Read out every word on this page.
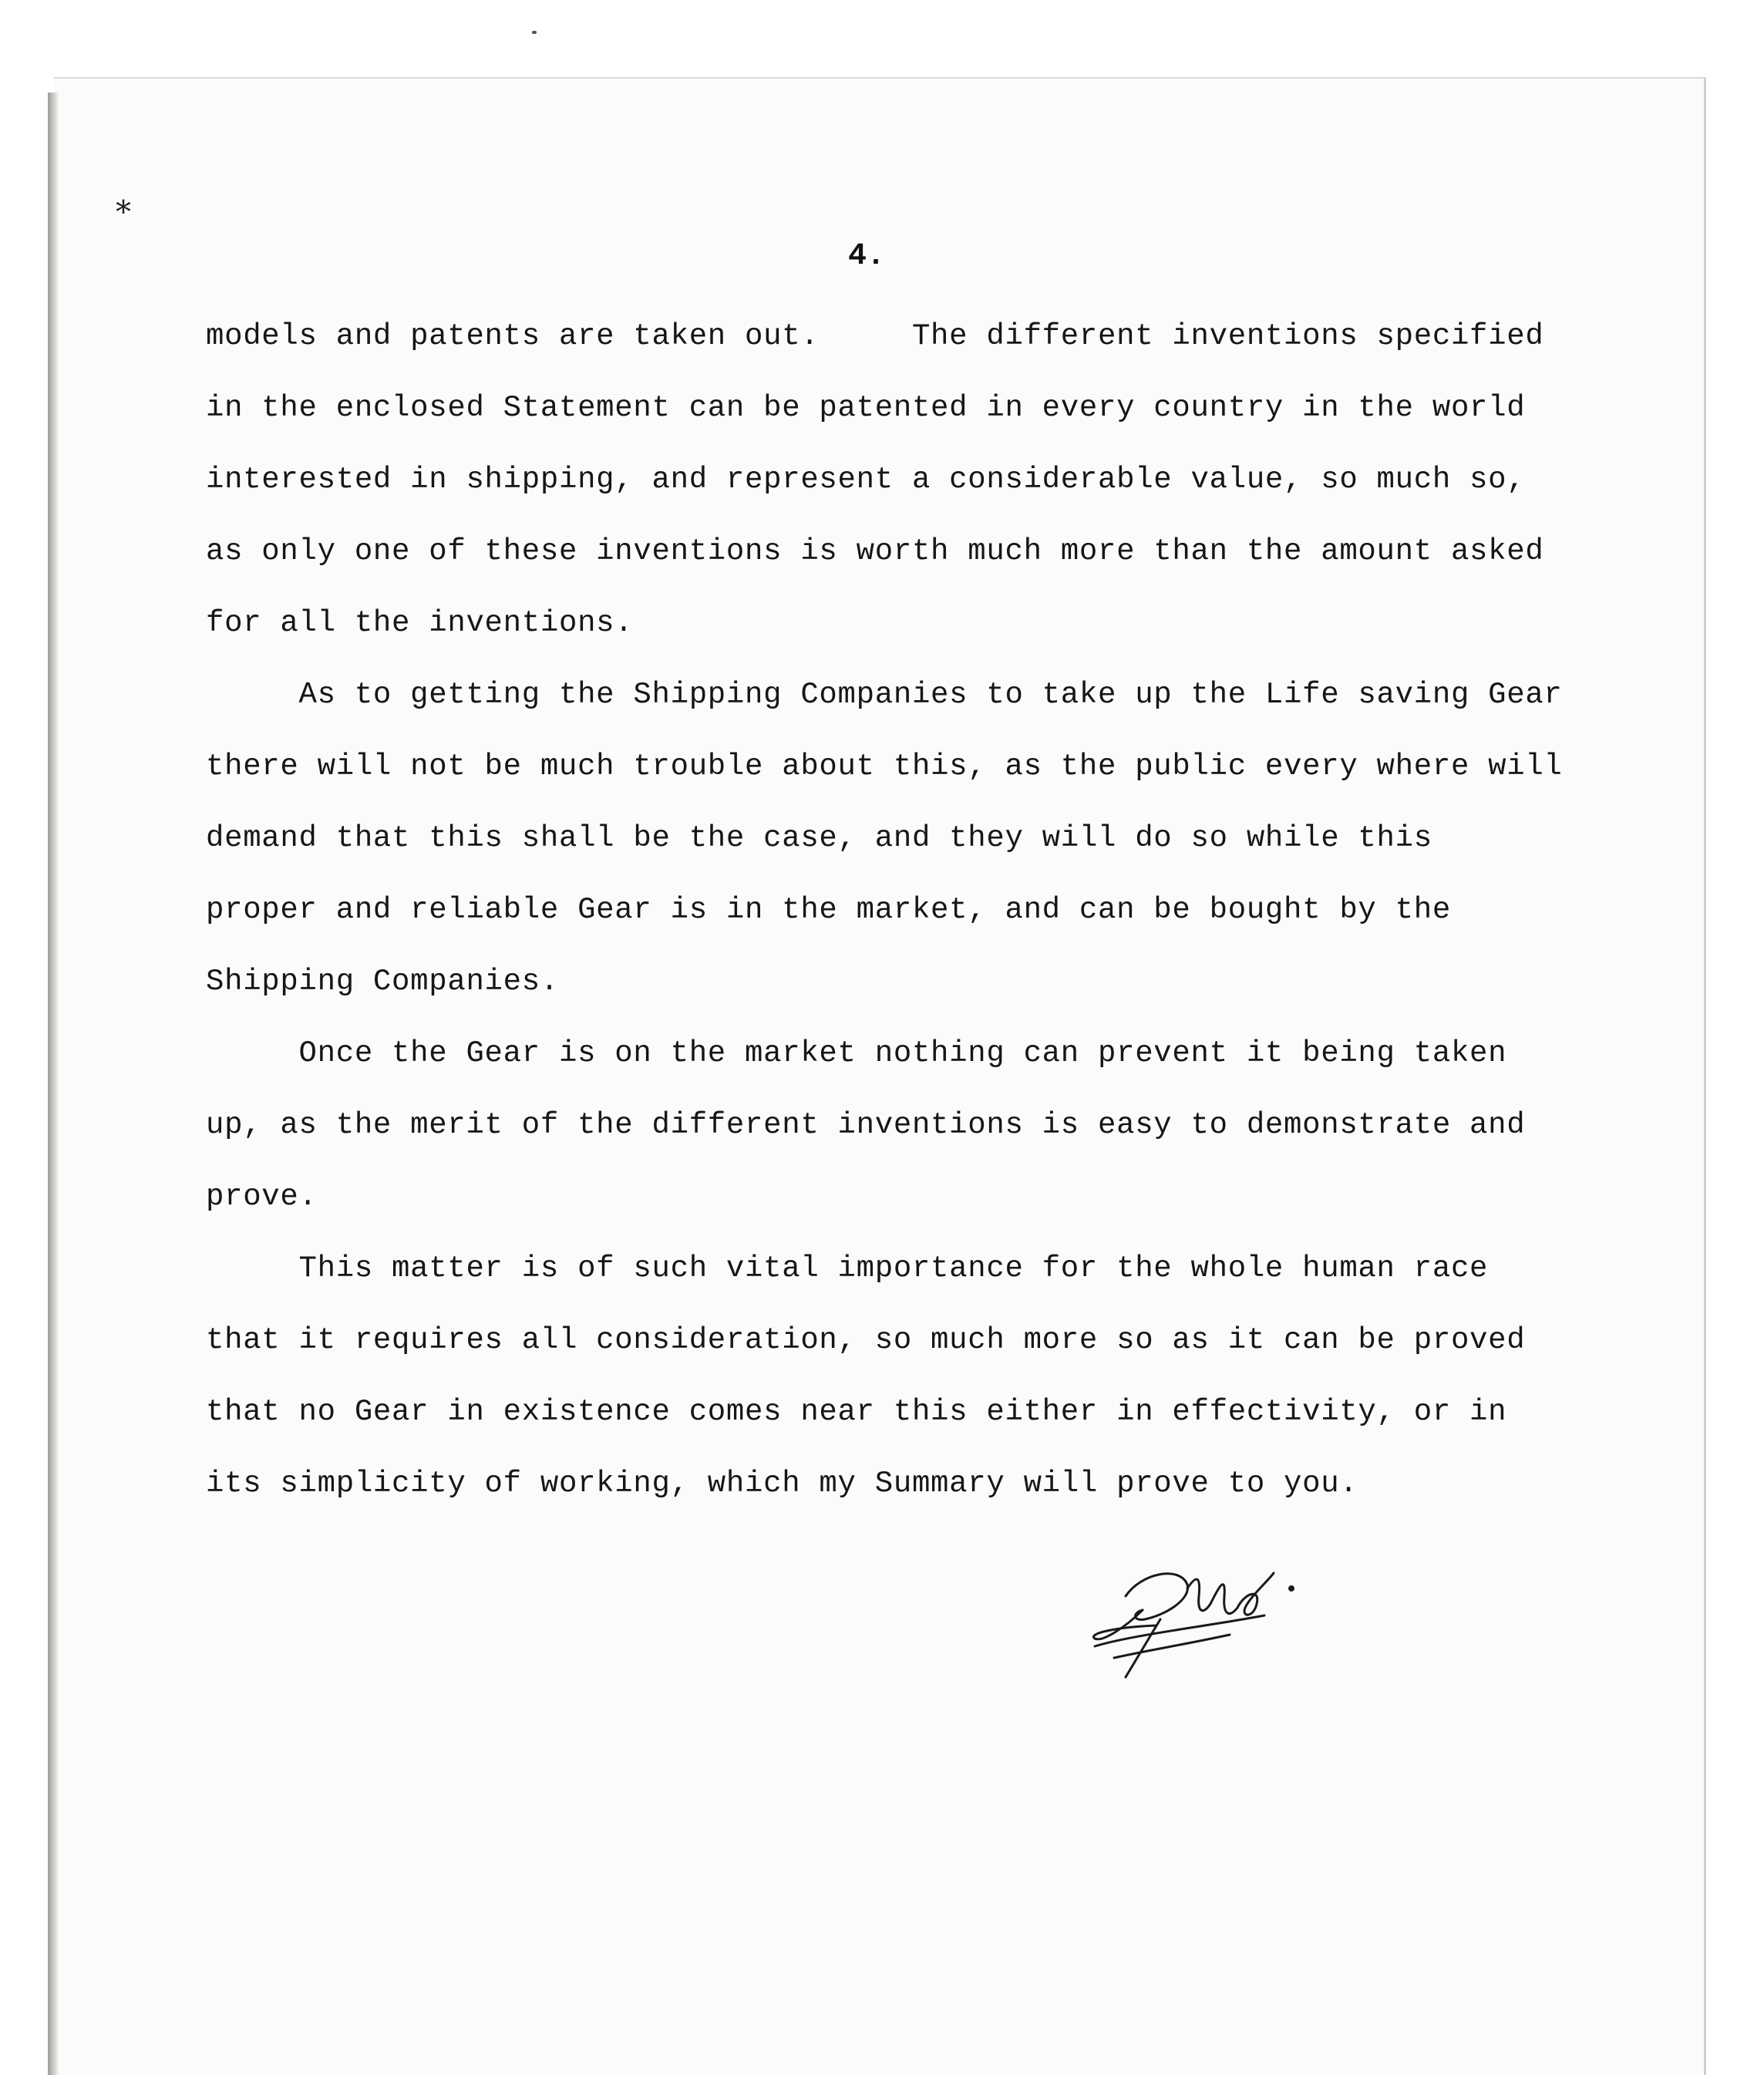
⁎
4.
models and patents are taken out.     The different inventions specified
in the enclosed Statement can be patented in every country in the world
interested in shipping, and represent a considerable value, so much so,
as only one of these inventions is worth much more than the amount asked
for all the inventions.
As to getting the Shipping Companies to take up the Life saving Gear
there will not be much trouble about this, as the public every where will
demand that this shall be the case, and they will do so while this
proper and reliable Gear is in the market, and can be bought by the
Shipping Companies.
Once the Gear is on the market nothing can prevent it being taken
up, as the merit of the different inventions is easy to demonstrate and
prove.
This matter is of such vital importance for the whole human race
that it requires all consideration, so much more so as it can be proved
that no Gear in existence comes near this either in effectivity, or in
its simplicity of working, which my Summary will prove to you.
